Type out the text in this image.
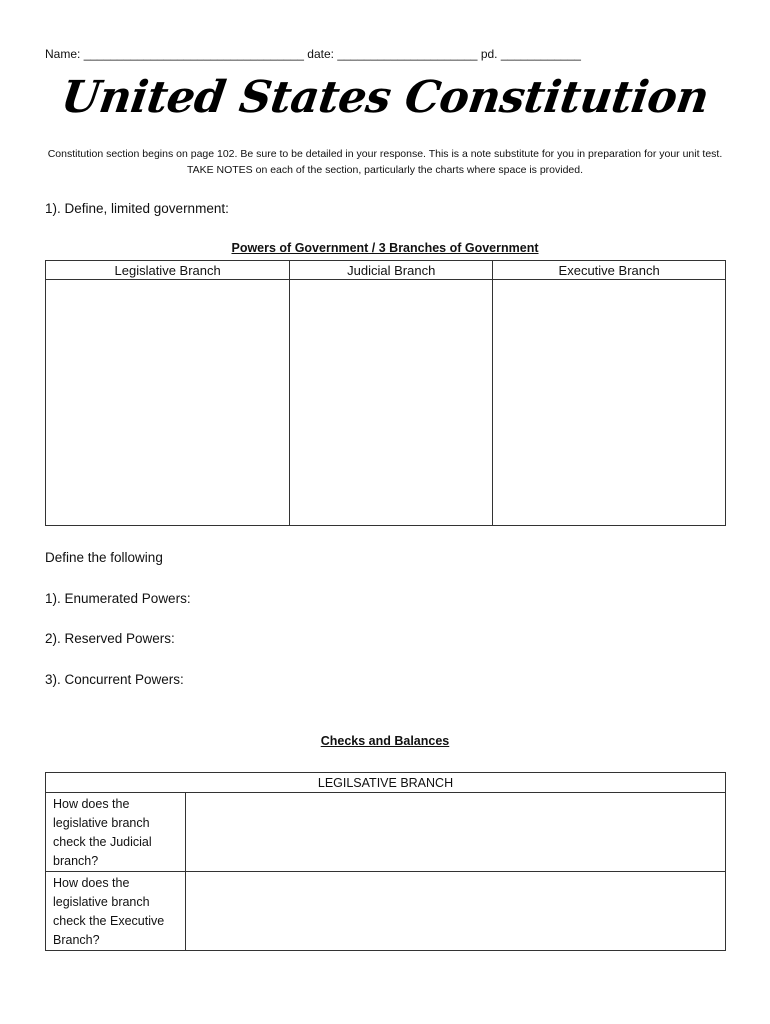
Name: _________________________________ date: _____________________ pd. ____________
United States Constitution
Constitution section begins on page 102. Be sure to be detailed in your response. This is a note substitute for you in preparation for your unit test. TAKE NOTES on each of the section, particularly the charts where space is provided.
1). Define, limited government:
Powers of Government / 3 Branches of Government
Legislative Branch	Judicial Branch	Executive Branch

Define the following
1). Enumerated Powers:
2). Reserved Powers:
3). Concurrent Powers:
Checks and Balances
LEGILSATIVE BRANCH	
How does the legislative branch check the Judicial branch?	
How does the legislative branch check the Executive Branch?	
